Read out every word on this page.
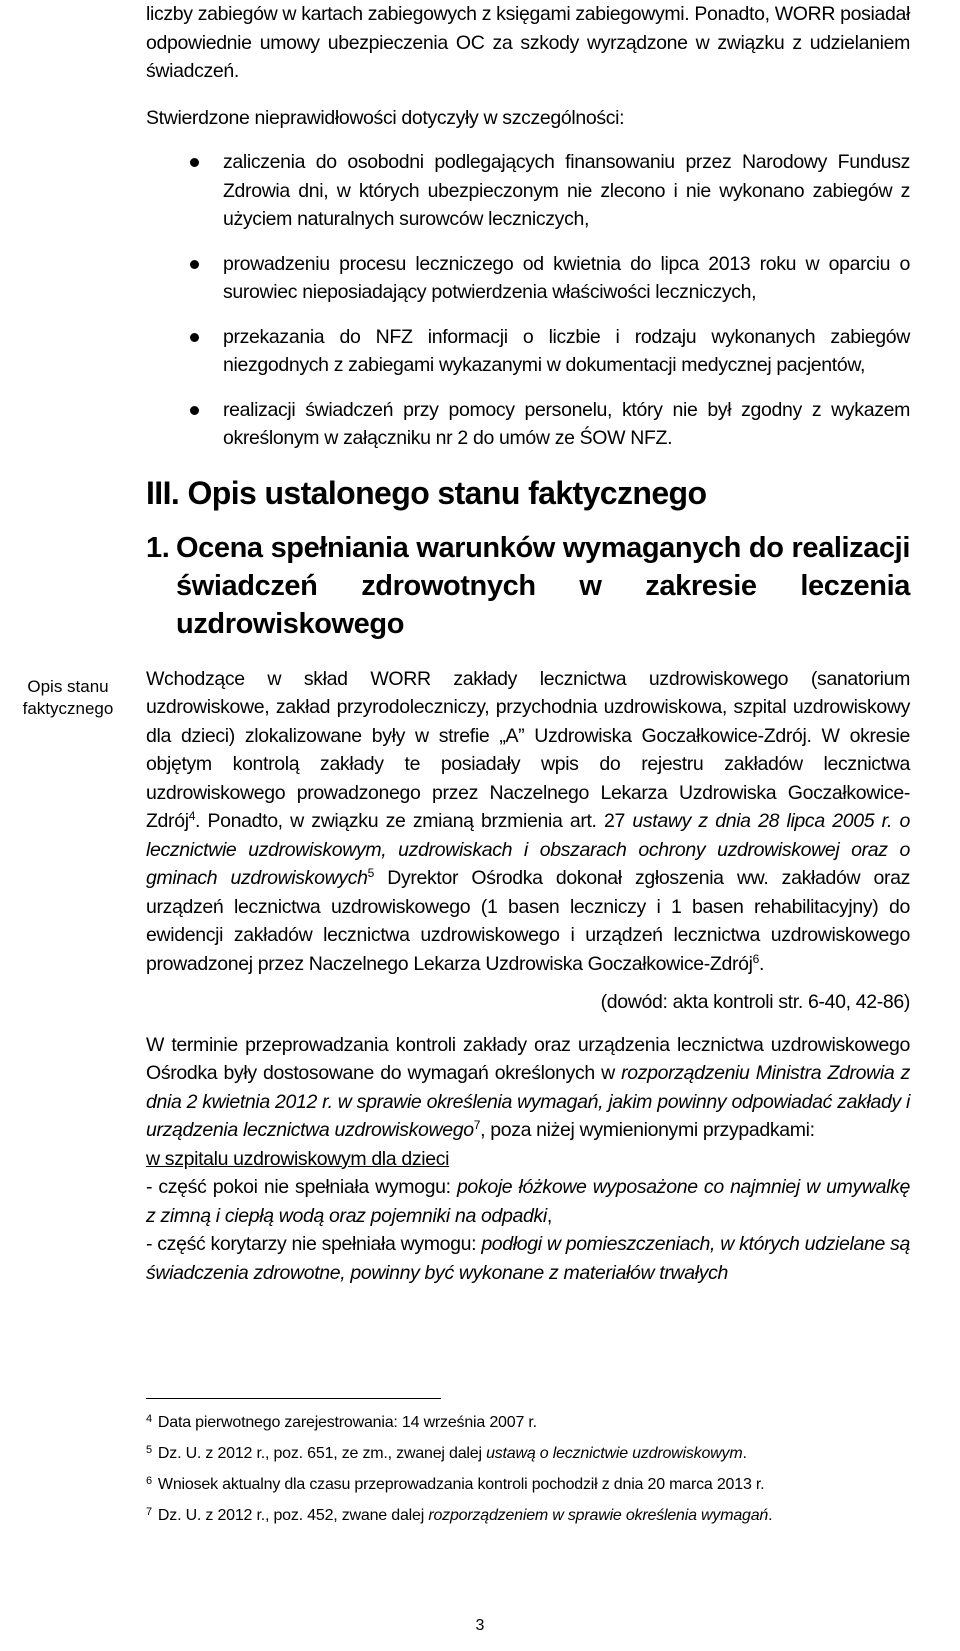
Opis stanu faktycznego

liczby zabiegów w kartach zabiegowych z księgami zabiegowymi. Ponadto, WORR posiadał odpowiednie umowy ubezpieczenia OC za szkody wyrządzone w związku z udzielaniem świadczeń.

Stwierdzone nieprawidłowości dotyczyły w szczególności:

zaliczenia do osobodni podlegających finansowaniu przez Narodowy Fundusz Zdrowia dni, w których ubezpieczonym nie zlecono i nie wykonano zabiegów z użyciem naturalnych surowców leczniczych,
prowadzeniu procesu leczniczego od kwietnia do lipca 2013 roku w oparciu o surowiec nieposiadający potwierdzenia właściwości leczniczych,
przekazania do NFZ informacji o liczbie i rodzaju wykonanych zabiegów niezgodnych z zabiegami wykazanymi w dokumentacji medycznej pacjentów,
realizacji świadczeń przy pomocy personelu, który nie był zgodny z wykazem określonym w załączniku nr 2 do umów ze ŚOW NFZ.
III. Opis ustalonego stanu faktycznego
1. Ocena spełniania warunków wymaganych do realizacji świadczeń zdrowotnych w zakresie leczenia uzdrowiskowego

Wchodzące w skład WORR zakłady lecznictwa uzdrowiskowego (sanatorium uzdrowiskowe, zakład przyrodoleczniczy, przychodnia uzdrowiskowa, szpital uzdrowiskowy dla dzieci) zlokalizowane były w strefie „A” Uzdrowiska Goczałkowice-Zdrój. W okresie objętym kontrolą zakłady te posiadały wpis do rejestru zakładów lecznictwa uzdrowiskowego prowadzonego przez Naczelnego Lekarza Uzdrowiska Goczałkowice-Zdrój$^4$. Ponadto, w związku ze zmianą brzmienia art. 27 ustawy z dnia 28 lipca 2005 r. o lecznictwie uzdrowiskowym, uzdrowiskach i obszarach ochrony uzdrowiskowej oraz o gminach uzdrowiskowych$^5$ Dyrektor Ośrodka dokonał zgłoszenia ww. zakładów oraz urządzeń lecznictwa uzdrowiskowego (1 basen leczniczy i 1 basen rehabilitacyjny) do ewidencji zakładów lecznictwa uzdrowiskowego i urządzeń lecznictwa uzdrowiskowego prowadzonej przez Naczelnego Lekarza Uzdrowiska Goczałkowice-Zdrój$^6$.

(dowód: akta kontroli str. 6-40, 42-86)

W terminie przeprowadzania kontroli zakłady oraz urządzenia lecznictwa uzdrowiskowego Ośrodka były dostosowane do wymagań określonych w rozporządzeniu Ministra Zdrowia z dnia 2 kwietnia 2012 r. w sprawie określenia wymagań, jakim powinny odpowiadać zakłady i urządzenia lecznictwa uzdrowiskowego$^7$, poza niżej wymienionymi przypadkami:

w szpitalu uzdrowiskowym dla dzieci

- część pokoi nie spełniała wymogu: pokoje łóżkowe wyposażone co najmniej w umywalkę z zimną i ciepłą wodą oraz pojemniki na odpadki,

- część korytarzy nie spełniała wymogu: podłogi w pomieszczeniach, w których udzielane są świadczenia zdrowotne, powinny być wykonane z materiałów trwałych

$^4$ Data pierwotnego zarejestrowania: 14 września 2007 r.
$^5$ Dz. U. z 2012 r., poz. 651, ze zm., zwanej dalej ustawą o lecznictwie uzdrowiskowym.
$^6$ Wniosek aktualny dla czasu przeprowadzania kontroli pochodził z dnia 20 marca 2013 r.
$^7$ Dz. U. z 2012 r., poz. 452, zwane dalej rozporządzeniem w sprawie określenia wymagań.
3
